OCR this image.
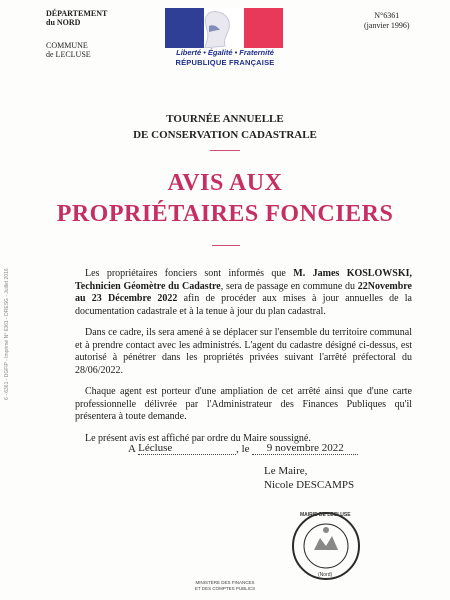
DÉPARTEMENT
du NORD
COMMUNE
de LECLUSE
N°6361
(janvier 1996)
Liberté • Égalité • Fraternité
RÉPUBLIQUE FRANÇAISE
TOURNÉE ANNUELLE
DE CONSERVATION CADASTRALE
AVIS AUX
PROPRIÉTAIRES FONCIERS

Les propriétaires fonciers sont informés que M. James KOSLOWSKI, Technicien Géomètre du Cadastre, sera de passage en commune du 22Novembre au 23 Décembre 2022 afin de procéder aux mises à jour annuelles de la documentation cadastrale et à la tenue à jour du plan cadastral.

Dans ce cadre, ils sera amené à se déplacer sur l'ensemble du territoire communal et à prendre contact avec les administrés. L'agent du cadastre désigné ci-dessus, est autorisé à pénétrer dans les propriétés privées suivant l'arrêté préfectoral du 28/06/2022.

Chaque agent est porteur d'une ampliation de cet arrêté ainsi que d'une carte professionnelle délivrée par l'Administrateur des Finances Publiques qu'il présentera à toute demande.

Le présent avis est affiché par ordre du Maire soussigné.

6 - 6361 - DGFiP - Imprimé N° 6361 - DRESG - Juillet 2016
A Lécluse	, le 9 novembre 2022
Le Maire,
Nicole DESCAMPS
MAIRIE DE LECLUSE
(Nord)
MINISTÈRE DES FINANCES
ET DES COMPTES PUBLICS
